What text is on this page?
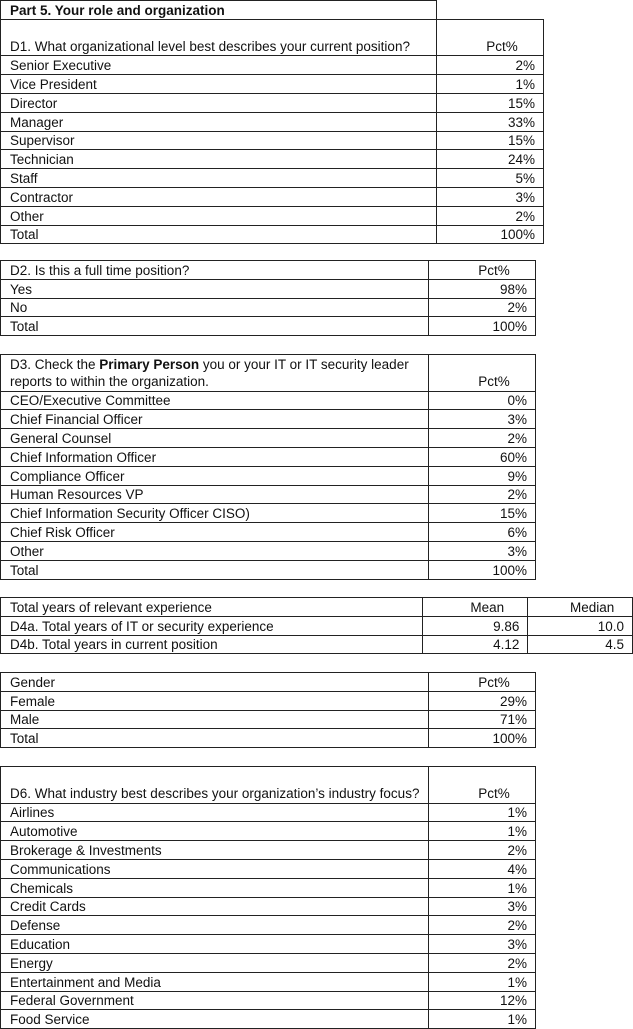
Part 5. Your role and organization	
D1. What organizational level best describes your current position?	Pct%
Senior Executive	2%
Vice President	1%
Director	15%
Manager	33%
Supervisor	15%
Technician	24%
Staff	5%
Contractor	3%
Other	2%
Total	100%
D2. Is this a full time position?	Pct%
Yes	98%
No	2%
Total	100%
D3. Check the Primary Person you or your IT or IT security leader reports to within the organization.	Pct%
CEO/Executive Committee	0%
Chief Financial Officer	3%
General Counsel	2%
Chief Information Officer	60%
Compliance Officer	9%
Human Resources VP	2%
Chief Information Security Officer CISO)	15%
Chief Risk Officer	6%
Other	3%
Total	100%
Total years of relevant experience	Mean	Median
D4a. Total years of IT or security experience	9.86	10.0
D4b. Total years in current position	4.12	4.5
Gender	Pct%
Female	29%
Male	71%
Total	100%
D6. What industry best describes your organization’s industry focus?	Pct%
Airlines	1%
Automotive	1%
Brokerage & Investments	2%
Communications	4%
Chemicals	1%
Credit Cards	3%
Defense	2%
Education	3%
Energy	2%
Entertainment and Media	1%
Federal Government	12%
Food Service	1%
